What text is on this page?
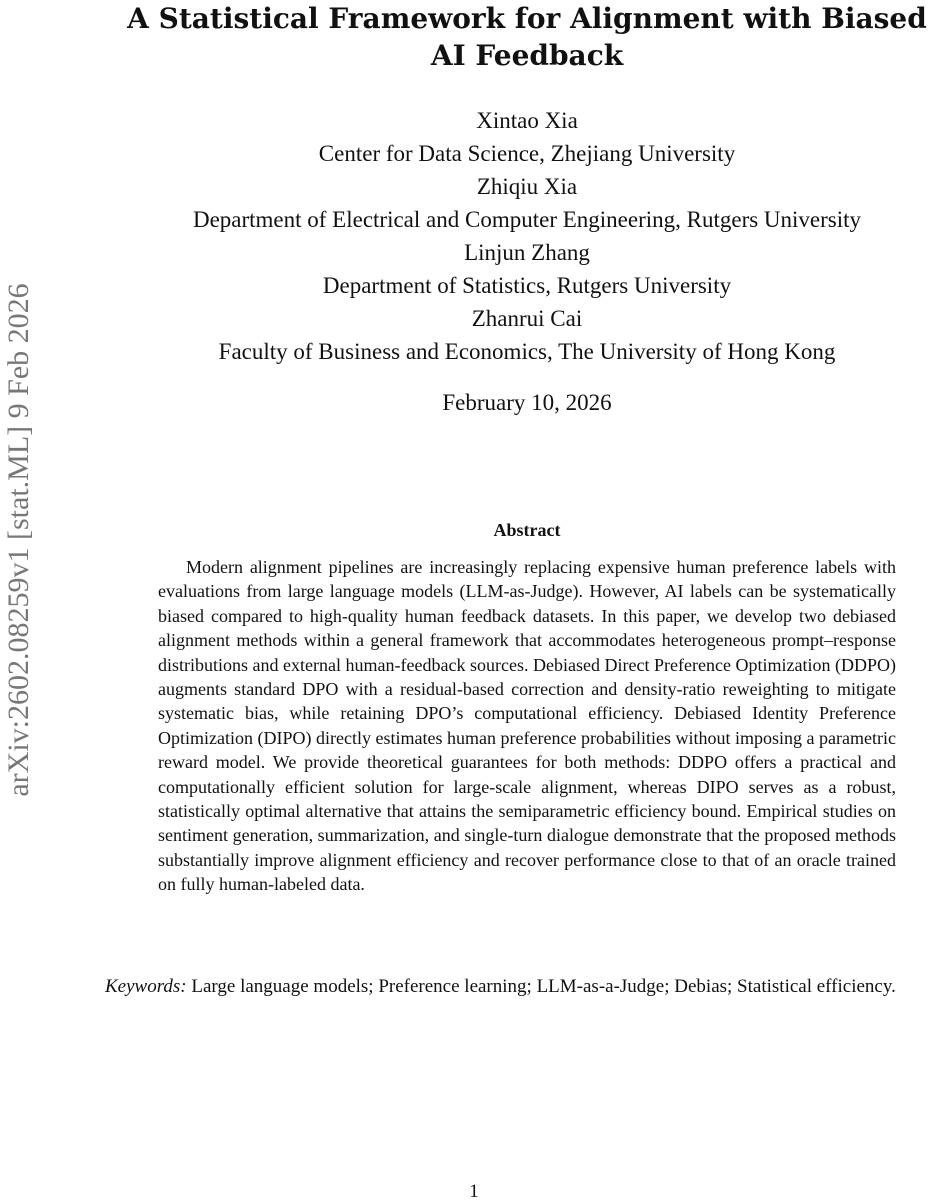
arXiv:2602.08259v1 [stat.ML] 9 Feb 2026
A Statistical Framework for Alignment with Biased
AI Feedback
Xintao Xia
Center for Data Science, Zhejiang University
Zhiqiu Xia
Department of Electrical and Computer Engineering, Rutgers University
Linjun Zhang
Department of Statistics, Rutgers University
Zhanrui Cai
Faculty of Business and Economics, The University of Hong Kong
February 10, 2026
Abstract
Modern alignment pipelines are increasingly replacing expensive human preference labels with evaluations from large language models (LLM-as-Judge). However, AI labels can be systematically biased compared to high-quality human feedback datasets. In this paper, we develop two debiased alignment methods within a general framework that accommodates heterogeneous prompt–response distributions and external human-feedback sources. Debiased Direct Preference Optimization (DDPO) augments standard DPO with a residual-based correction and density-ratio reweighting to mitigate systematic bias, while retaining DPO’s computational efficiency. Debiased Identity Preference Optimization (DIPO) directly estimates human preference probabilities without imposing a parametric reward model. We provide theoretical guarantees for both methods: DDPO offers a practical and computationally efficient solution for large-scale alignment, whereas DIPO serves as a robust, statistically optimal alternative that attains the semiparametric efficiency bound. Empirical studies on sentiment generation, summarization, and single-turn dialogue demonstrate that the proposed methods substantially improve alignment efficiency and recover performance close to that of an oracle trained on fully human-labeled data.
Keywords: Large language models; Preference learning; LLM-as-a-Judge; Debias; Statistical efficiency.
1
